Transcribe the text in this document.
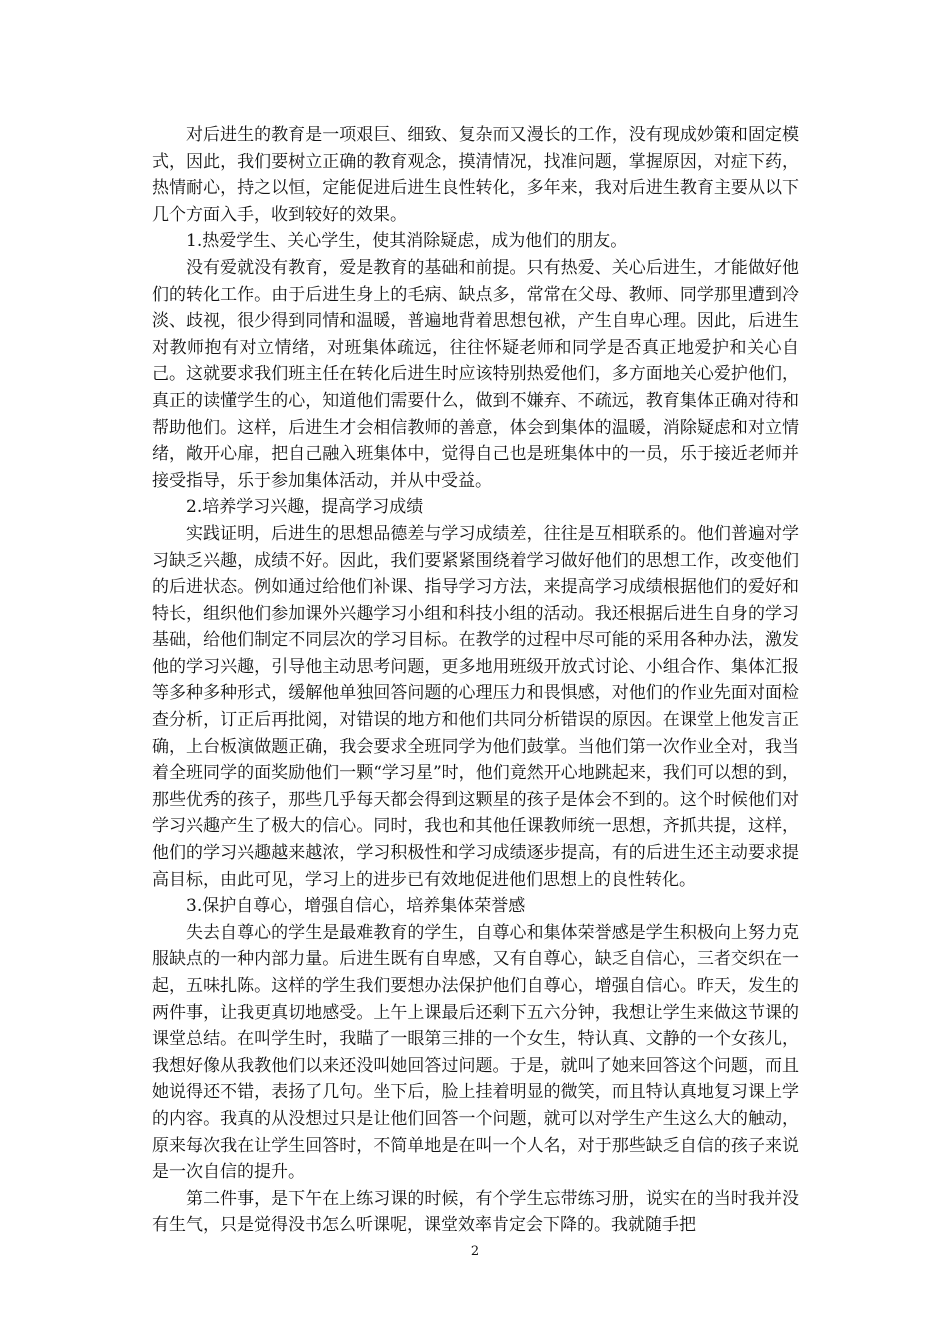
对后进生的教育是一项艰巨、细致、复杂而又漫长的工作，没有现成妙策和固定模式，因此，我们要树立正确的教育观念，摸清情况，找准问题，掌握原因，对症下药，热情耐心，持之以恒，定能促进后进生良性转化，多年来，我对后进生教育主要从以下几个方面入手，收到较好的效果。

1.热爱学生、关心学生，使其消除疑虑，成为他们的朋友。

没有爱就没有教育，爱是教育的基础和前提。只有热爱、关心后进生，才能做好他们的转化工作。由于后进生身上的毛病、缺点多，常常在父母、教师、同学那里遭到冷淡、歧视，很少得到同情和温暖，普遍地背着思想包袱，产生自卑心理。因此，后进生对教师抱有对立情绪，对班集体疏远，往往怀疑老师和同学是否真正地爱护和关心自己。这就要求我们班主任在转化后进生时应该特别热爱他们，多方面地关心爱护他们，真正的读懂学生的心，知道他们需要什么，做到不嫌弃、不疏远，教育集体正确对待和帮助他们。这样，后进生才会相信教师的善意，体会到集体的温暖，消除疑虑和对立情绪，敞开心扉，把自己融入班集体中，觉得自己也是班集体中的一员，乐于接近老师并接受指导，乐于参加集体活动，并从中受益。

2.培养学习兴趣，提高学习成绩

实践证明，后进生的思想品德差与学习成绩差，往往是互相联系的。他们普遍对学习缺乏兴趣，成绩不好。因此，我们要紧紧围绕着学习做好他们的思想工作，改变他们的后进状态。例如通过给他们补课、指导学习方法，来提高学习成绩根据他们的爱好和特长，组织他们参加课外兴趣学习小组和科技小组的活动。我还根据后进生自身的学习基础，给他们制定不同层次的学习目标。在教学的过程中尽可能的采用各种办法，激发他的学习兴趣，引导他主动思考问题，更多地用班级开放式讨论、小组合作、集体汇报等多种多种形式，缓解他单独回答问题的心理压力和畏惧感，对他们的作业先面对面检查分析，订正后再批阅，对错误的地方和他们共同分析错误的原因。在课堂上他发言正确，上台板演做题正确，我会要求全班同学为他们鼓掌。当他们第一次作业全对，我当着全班同学的面奖励他们一颗“学习星”时，他们竟然开心地跳起来，我们可以想的到，那些优秀的孩子，那些几乎每天都会得到这颗星的孩子是体会不到的。这个时候他们对学习兴趣产生了极大的信心。同时，我也和其他任课教师统一思想，齐抓共提，这样，他们的学习兴趣越来越浓，学习积极性和学习成绩逐步提高，有的后进生还主动要求提高目标，由此可见，学习上的进步已有效地促进他们思想上的良性转化。

3.保护自尊心，增强自信心，培养集体荣誉感

失去自尊心的学生是最难教育的学生，自尊心和集体荣誉感是学生积极向上努力克服缺点的一种内部力量。后进生既有自卑感，又有自尊心，缺乏自信心，三者交织在一起，五味扎陈。这样的学生我们要想办法保护他们自尊心，增强自信心。昨天，发生的两件事，让我更真切地感受。上午上课最后还剩下五六分钟，我想让学生来做这节课的课堂总结。在叫学生时，我瞄了一眼第三排的一个女生，特认真、文静的一个女孩儿，我想好像从我教他们以来还没叫她回答过问题。于是，就叫了她来回答这个问题，而且她说得还不错，表扬了几句。坐下后，脸上挂着明显的微笑，而且特认真地复习课上学的内容。我真的从没想过只是让他们回答一个问题，就可以对学生产生这么大的触动，原来每次我在让学生回答时，不简单地是在叫一个人名，对于那些缺乏自信的孩子来说是一次自信的提升。

第二件事，是下午在上练习课的时候，有个学生忘带练习册，说实在的当时我并没有生气，只是觉得没书怎么听课呢，课堂效率肯定会下降的。我就随手把

2
